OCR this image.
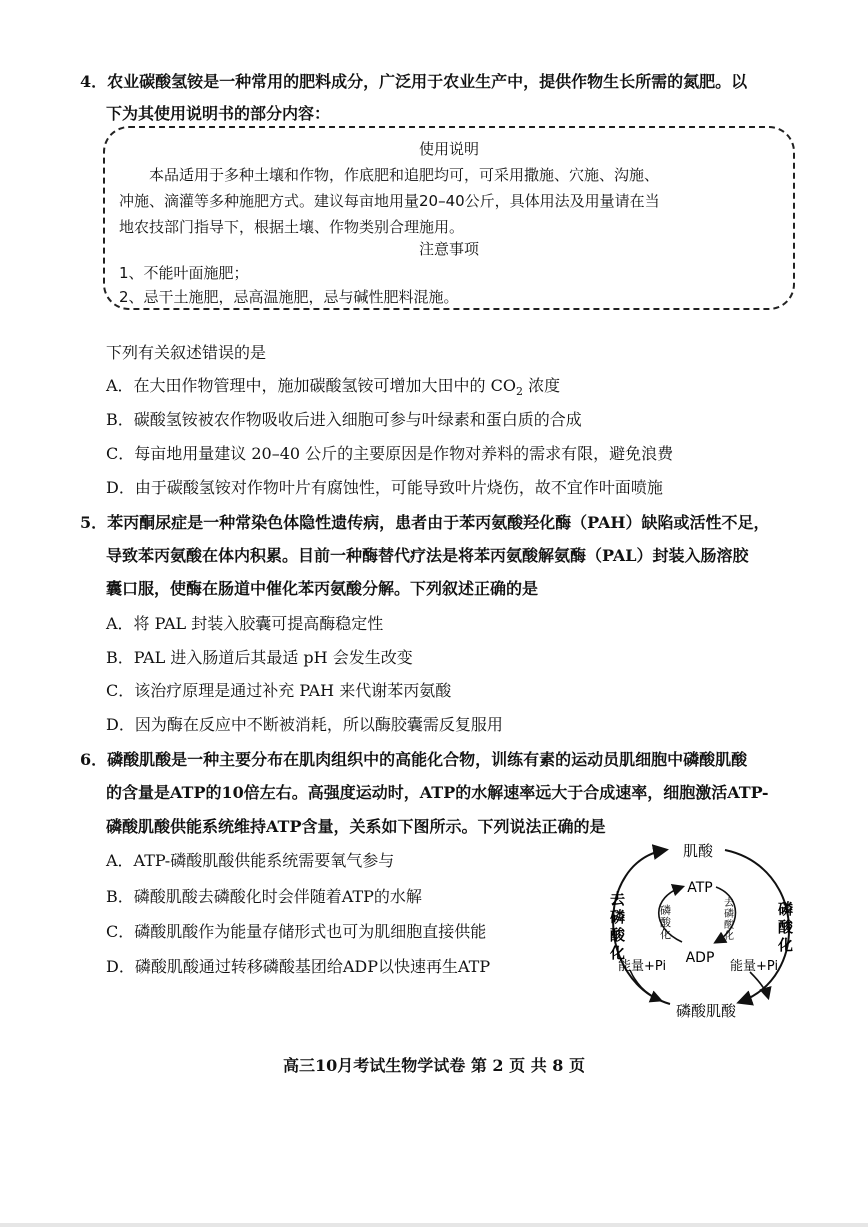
4．农业碳酸氢铵是一种常用的肥料成分，广泛用于农业生产中，提供作物生长所需的氮肥。以
下为其使用说明书的部分内容：
使用说明
本品适用于多种土壤和作物，作底肥和追肥均可，可采用撒施、穴施、沟施、
冲施、滴灌等多种施肥方式。建议每亩地用量20–40公斤，具体用法及用量请在当
地农技部门指导下，根据土壤、作物类别合理施用。
注意事项
1、不能叶面施肥；
2、忌干土施肥，忌高温施肥，忌与碱性肥料混施。
下列有关叙述错误的是
A．在大田作物管理中，施加碳酸氢铵可增加大田中的 $CO_2$ 浓度
B．碳酸氢铵被农作物吸收后进入细胞可参与叶绿素和蛋白质的合成
C．每亩地用量建议 20–40 公斤的主要原因是作物对养料的需求有限，避免浪费
D．由于碳酸氢铵对作物叶片有腐蚀性，可能导致叶片烧伤，故不宜作叶面喷施
5．苯丙酮尿症是一种常染色体隐性遗传病，患者由于苯丙氨酸羟化酶（PAH）缺陷或活性不足，
导致苯丙氨酸在体内积累。目前一种酶替代疗法是将苯丙氨酸解氨酶（PAL）封装入肠溶胶
囊口服，使酶在肠道中催化苯丙氨酸分解。下列叙述正确的是
A．将 PAL 封装入胶囊可提高酶稳定性
B．PAL 进入肠道后其最适 pH 会发生改变
C．该治疗原理是通过补充 PAH 来代谢苯丙氨酸
D．因为酶在反应中不断被消耗，所以酶胶囊需反复服用
6．磷酸肌酸是一种主要分布在肌肉组织中的高能化合物，训练有素的运动员肌细胞中磷酸肌酸
的含量是ATP的10倍左右。高强度运动时，ATP的水解速率远大于合成速率，细胞激活ATP-
磷酸肌酸供能系统维持ATP含量，关系如下图所示。下列说法正确的是
A．ATP-磷酸肌酸供能系统需要氧气参与
B．磷酸肌酸去磷酸化时会伴随着ATP的水解
C．磷酸肌酸作为能量存储形式也可为肌细胞直接供能
D．磷酸肌酸通过转移磷酸基团给ADP以快速再生ATP
肌酸
磷酸肌酸
ATP
ADP
去
磷
酸
化
磷
酸
化
磷
酸
化
去
磷
酸
化
能量+Pi	能量+Pi
高三10月考试生物学试卷 第 2 页 共 8 页
